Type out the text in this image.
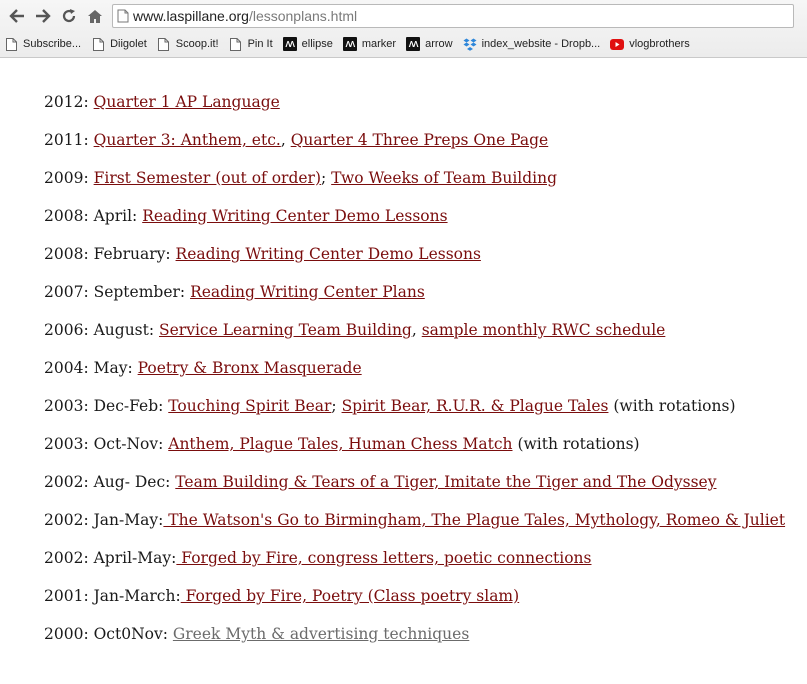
www.laspillane.org /lessonplans.html
Subscribe...	Diigolet	Scoop.it!	Pin It	ΛΛ ellipse	ΛΛ marker	ΛΛ arrow	index_website - Dropb...	vlogbrothers
2012: Quarter 1 AP Language
2011: Quarter 3: Anthem, etc., Quarter 4 Three Preps One Page
2009: First Semester (out of order); Two Weeks of Team Building
2008: April: Reading Writing Center Demo Lessons
2008: February: Reading Writing Center Demo Lessons
2007: September: Reading Writing Center Plans
2006: August: Service Learning Team Building, sample monthly RWC schedule
2004: May: Poetry & Bronx Masquerade
2003: Dec-Feb: Touching Spirit Bear; Spirit Bear, R.U.R. & Plague Tales (with rotations)
2003: Oct-Nov: Anthem, Plague Tales, Human Chess Match (with rotations)
2002: Aug- Dec: Team Building & Tears of a Tiger, Imitate the Tiger and The Odyssey
2002: Jan-May: The Watson's Go to Birmingham, The Plague Tales, Mythology, Romeo & Juliet
2002: April-May: Forged by Fire, congress letters, poetic connections
2001: Jan-March: Forged by Fire, Poetry (Class poetry slam)
2000: Oct0Nov: Greek Myth & advertising techniques
